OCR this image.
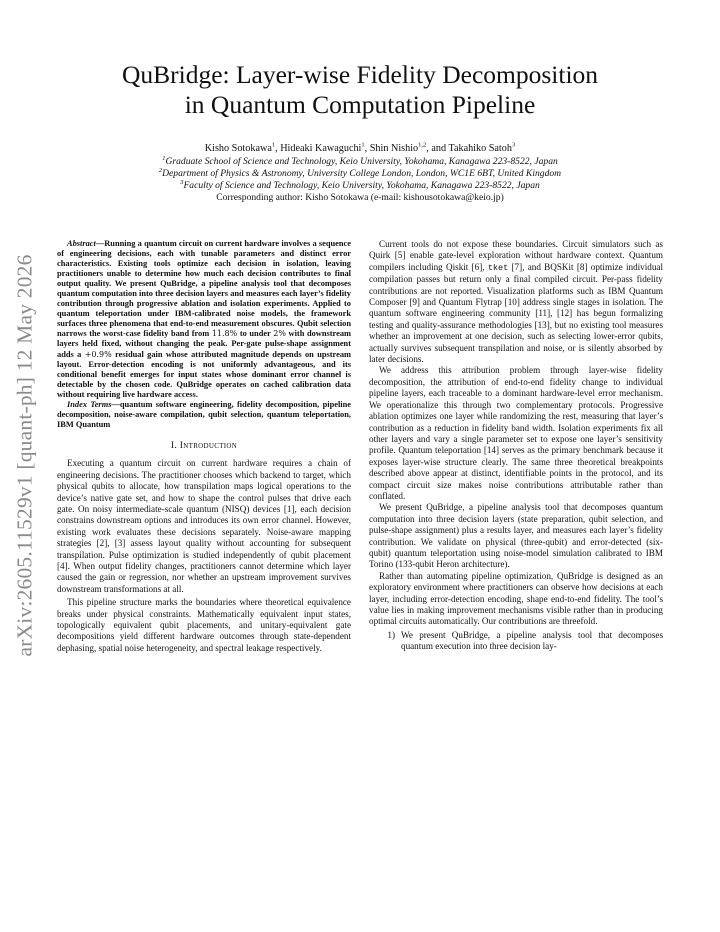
arXiv:2605.11529v1 [quant-ph] 12 May 2026
QuBridge: Layer-wise Fidelity Decomposition
in Quantum Computation Pipeline
Kisho Sotokawa$^1$, Hideaki Kawaguchi$^1$, Shin Nishio$^{1,2}$, and Takahiko Satoh$^3$
$^1$Graduate School of Science and Technology, Keio University, Yokohama, Kanagawa 223-8522, Japan
$^2$Department of Physics & Astronomy, University College London, London, WC1E 6BT, United Kingdom
$^3$Faculty of Science and Technology, Keio University, Yokohama, Kanagawa 223-8522, Japan
Corresponding author: Kisho Sotokawa (e-mail: kishousotokawa@keio.jp)

Abstract—Running a quantum circuit on current hardware involves a sequence of engineering decisions, each with tunable parameters and distinct error characteristics. Existing tools optimize each decision in isolation, leaving practitioners unable to determine how much each decision contributes to final output quality. We present QuBridge, a pipeline analysis tool that decomposes quantum computation into three decision layers and measures each layer’s fidelity contribution through progressive ablation and isolation experiments. Applied to quantum teleportation under IBM-calibrated noise models, the framework surfaces three phenomena that end-to-end measurement obscures. Qubit selection narrows the worst-case fidelity band from 11.8% to under 2% with downstream layers held fixed, without changing the peak. Per-gate pulse-shape assignment adds a +0.9% residual gain whose attributed magnitude depends on upstream layout. Error-detection encoding is not uniformly advantageous, and its conditional benefit emerges for input states whose dominant error channel is detectable by the chosen code. QuBridge operates on cached calibration data without requiring live hardware access.

Index Terms—quantum software engineering, fidelity decomposition, pipeline decomposition, noise-aware compilation, qubit selection, quantum teleportation, IBM Quantum

I. Introduction

Executing a quantum circuit on current hardware requires a chain of engineering decisions. The practitioner chooses which backend to target, which physical qubits to allocate, how transpilation maps logical operations to the device’s native gate set, and how to shape the control pulses that drive each gate. On noisy intermediate-scale quantum (NISQ) devices [1], each decision constrains downstream options and introduces its own error channel. However, existing work evaluates these decisions separately. Noise-aware mapping strategies [2], [3] assess layout quality without accounting for subsequent transpilation. Pulse optimization is studied independently of qubit placement [4]. When output fidelity changes, practitioners cannot determine which layer caused the gain or regression, nor whether an upstream improvement survives downstream transformations at all.

This pipeline structure marks the boundaries where theoretical equivalence breaks under physical constraints. Mathematically equivalent input states, topologically equivalent qubit placements, and unitary-equivalent gate decompositions yield different hardware outcomes through state-dependent dephasing, spatial noise heterogeneity, and spectral leakage respectively.

Current tools do not expose these boundaries. Circuit simulators such as Quirk [5] enable gate-level exploration without hardware context. Quantum compilers including Qiskit [6], tket [7], and BQSKit [8] optimize individual compilation passes but return only a final compiled circuit. Per-pass fidelity contributions are not reported. Visualization platforms such as IBM Quantum Composer [9] and Quantum Flytrap [10] address single stages in isolation. The quantum software engineering community [11], [12] has begun formalizing testing and quality-assurance methodologies [13], but no existing tool measures whether an improvement at one decision, such as selecting lower-error qubits, actually survives subsequent transpilation and noise, or is silently absorbed by later decisions.

We address this attribution problem through layer-wise fidelity decomposition, the attribution of end-to-end fidelity change to individual pipeline layers, each traceable to a dominant hardware-level error mechanism. We operationalize this through two complementary protocols. Progressive ablation optimizes one layer while randomizing the rest, measuring that layer’s contribution as a reduction in fidelity band width. Isolation experiments fix all other layers and vary a single parameter set to expose one layer’s sensitivity profile. Quantum teleportation [14] serves as the primary benchmark because it exposes layer-wise structure clearly. The same three theoretical breakpoints described above appear at distinct, identifiable points in the protocol, and its compact circuit size makes noise contributions attributable rather than conflated.

We present QuBridge, a pipeline analysis tool that decomposes quantum computation into three decision layers (state preparation, qubit selection, and pulse-shape assignment) plus a results layer, and measures each layer’s fidelity contribution. We validate on physical (three-qubit) and error-detected (six-qubit) quantum teleportation using noise-model simulation calibrated to IBM Torino (133-qubit Heron architecture).

Rather than automating pipeline optimization, QuBridge is designed as an exploratory environment where practitioners can observe how decisions at each layer, including error-detection encoding, shape end-to-end fidelity. The tool’s value lies in making improvement mechanisms visible rather than in producing optimal circuits automatically. Our contributions are threefold.

1) We present QuBridge, a pipeline analysis tool that decomposes quantum execution into three decision lay-
